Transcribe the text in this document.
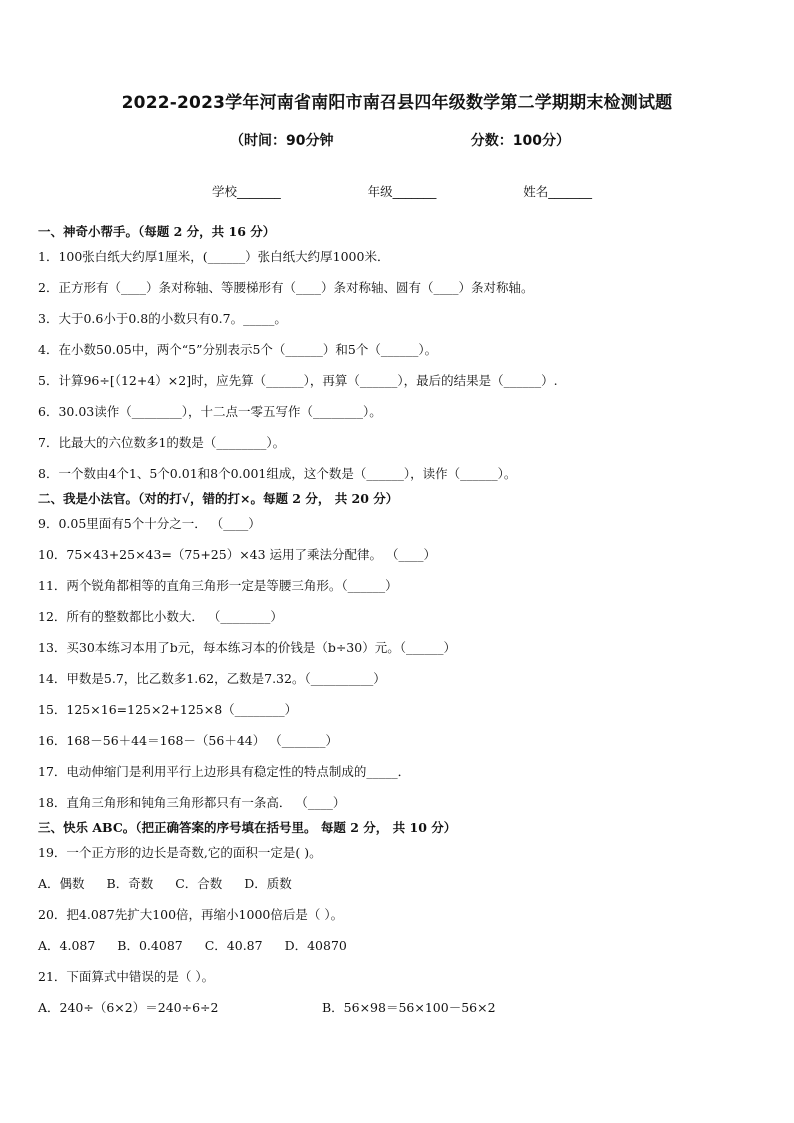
2022-2023学年河南省南阳市南召县四年级数学第二学期期末检测试题
（时间：90分钟	分数：100分）
学校_______	年级_______	姓名_______
一、神奇小帮手。（每题 2 分，共 16 分）
1．100张白纸大约厚1厘米，(______）张白纸大约厚1000米．
2．正方形有（____）条对称轴、等腰梯形有（____）条对称轴、圆有（____）条对称轴。
3．大于0.6小于0.8的小数只有0.7。_____。
4．在小数50.05中，两个“5”分别表示5个（______）和5个（______）。
5．计算96÷[（12+4）×2]时，应先算（______），再算（______），最后的结果是（______）.
6．30.03读作（________），十二点一零五写作（________）。
7．比最大的六位数多1的数是（________）。
8．一个数由4个1、5个0.01和8个0.001组成，这个数是（______），读作（______）。
二、我是小法官。（对的打√，错的打×。每题 2 分， 共 20 分）
9．0.05里面有5个十分之一． （____）
10．75×43+25×43=（75+25）×43 运用了乘法分配律。 （____）
11．两个锐角都相等的直角三角形一定是等腰三角形。（______）
12．所有的整数都比小数大． （________）
13．买30本练习本用了b元，每本练习本的价钱是（b÷30）元。（______）
14．甲数是5.7，比乙数多1.62，乙数是7.32。（__________）
15．125×16=125×2+125×8（________）
16．168－56＋44＝168－（56＋44） （_______）
17．电动伸缩门是利用平行上边形具有稳定性的特点制成的_____．
18．直角三角形和钝角三角形都只有一条高． （____）
三、快乐 ABC。（把正确答案的序号填在括号里。 每题 2 分， 共 10 分）
19．一个正方形的边长是奇数,它的面积一定是( )。
A．偶数 B．奇数 C．合数 D．质数
20．把4.087先扩大100倍，再缩小1000倍后是（ ）。
A．4.087 B．0.4087 C．40.87 D．40870
21．下面算式中错误的是（ ）。
A．240÷（6×2）＝240÷6÷2	B．56×98＝56×100－56×2
